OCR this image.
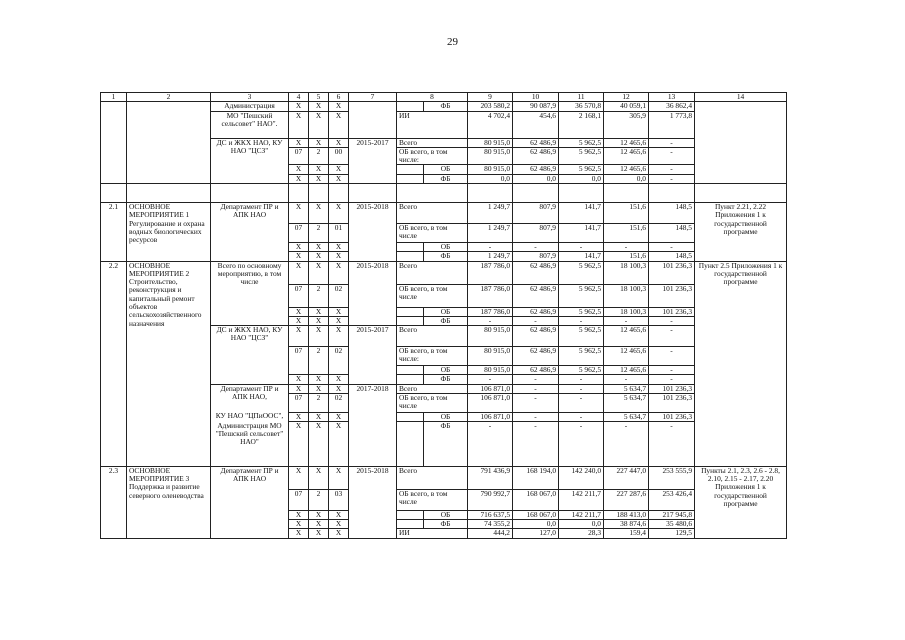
29
1	2	3	4	5	6	7	8		9	10	11	12	13	14
		Администрация	X	X	X			ФБ	203 580,2	90 087,9	36 570,8	40 059,1	36 862,4	
		МО "Пешский сельсовет" НАО".	X	X	X		ИИ		4 702,4	454,6	2 168,1	305,9	1 773,8	
		ДС и ЖКХ НАО, КУ НАО "ЦСЗ"	X	X	X	2015-2017	Всего		80 915,0	62 486,9	5 962,5	12 465,6	-	
			07	2	00		ОБ всего, в том числе:		80 915,0	62 486,9	5 962,5	12 465,6	-	
			X	X	X			ОБ	80 915,0	62 486,9	5 962,5	12 465,6	-	
			X	X	X			ФБ	0,0	0,0	0,0	0,0	-	

2.1	ОСНОВНОЕ МЕРОПРИЯТИЕ 1 Регулирование и охрана водных биологических ресурсов	Департамент ПР и АПК НАО	X	X	X	2015-2018	Всего		1 249,7	807,9	141,7	151,6	148,5	Пункт 2.21, 2.22 Приложения 1 к государственной программе
			07	2	01		ОБ всего, в том числе		1 249,7	807,9	141,7	151,6	148,5	
			X	X	X			ОБ	-	-	-	-	-	
			X	X	X			ФБ	1 249,7	807,9	141,7	151,6	148,5	
2.2	ОСНОВНОЕ МЕРОПРИЯТИЕ 2 Строительство, реконструкция и капитальный ремонт объектов сельскохозяйственного назначения	Всего по основному мероприятию, в том числе	X	X	X	2015-2018	Всего		187 786,0	62 486,9	5 962,5	18 100,3	101 236,3	Пункт 2.5 Приложения 1 к государственной программе
			07	2	02		ОБ всего, в том числе		187 786,0	62 486,9	5 962,5	18 100,3	101 236,3	
			X	X	X			ОБ	187 786,0	62 486,9	5 962,5	18 100,3	101 236,3	
			X	X	X			ФБ	-	-	-	-	-	
		ДС и ЖКХ НАО, КУ НАО "ЦСЗ"	X	X	X	2015-2017	Всего		80 915,0	62 486,9	5 962,5	12 465,6	-	
			07	2	02		ОБ всего, в том числе:		80 915,0	62 486,9	5 962,5	12 465,6	-	
								ОБ	80 915,0	62 486,9	5 962,5	12 465,6	-	
			X	X	X			ФБ	-	-	-	-	-	
		Департамент ПР и АПК НАО,	X	X	X	2017-2018	Всего		106 871,0	-	-	5 634,7	101 236,3	
			07	2	02		ОБ всего, в том числе		106 871,0	-	-	5 634,7	101 236,3	
		КУ НАО "ЦПиООС",	X	X	X			ОБ	106 871,0	-	-	5 634,7	101 236,3	
		Администрация МО "Пешский сельсовет" НАО"	X	X	X			ФБ	-	-	-	-	-	
2.3	ОСНОВНОЕ МЕРОПРИЯТИЕ 3 Поддержка и развитие северного оленеводства	Департамент ПР и АПК НАО	X	X	X	2015-2018	Всего		791 436,9	168 194,0	142 240,0	227 447,0	253 555,9	Пункты 2.1, 2.3, 2.6 - 2.8, 2.10, 2.15 - 2.17, 2.20 Приложения 1 к государственной программе
			07	2	03		ОБ всего, в том числе		790 992,7	168 067,0	142 211,7	227 287,6	253 426,4	
			X	X	X			ОБ	716 637,5	168 067,0	142 211,7	188 413,0	217 945,8	
			X	X	X			ФБ	74 355,2	0,0	0,0	38 874,6	35 480,6	
			X	X	X		ИИ		444,2	127,0	28,3	159,4	129,5	
